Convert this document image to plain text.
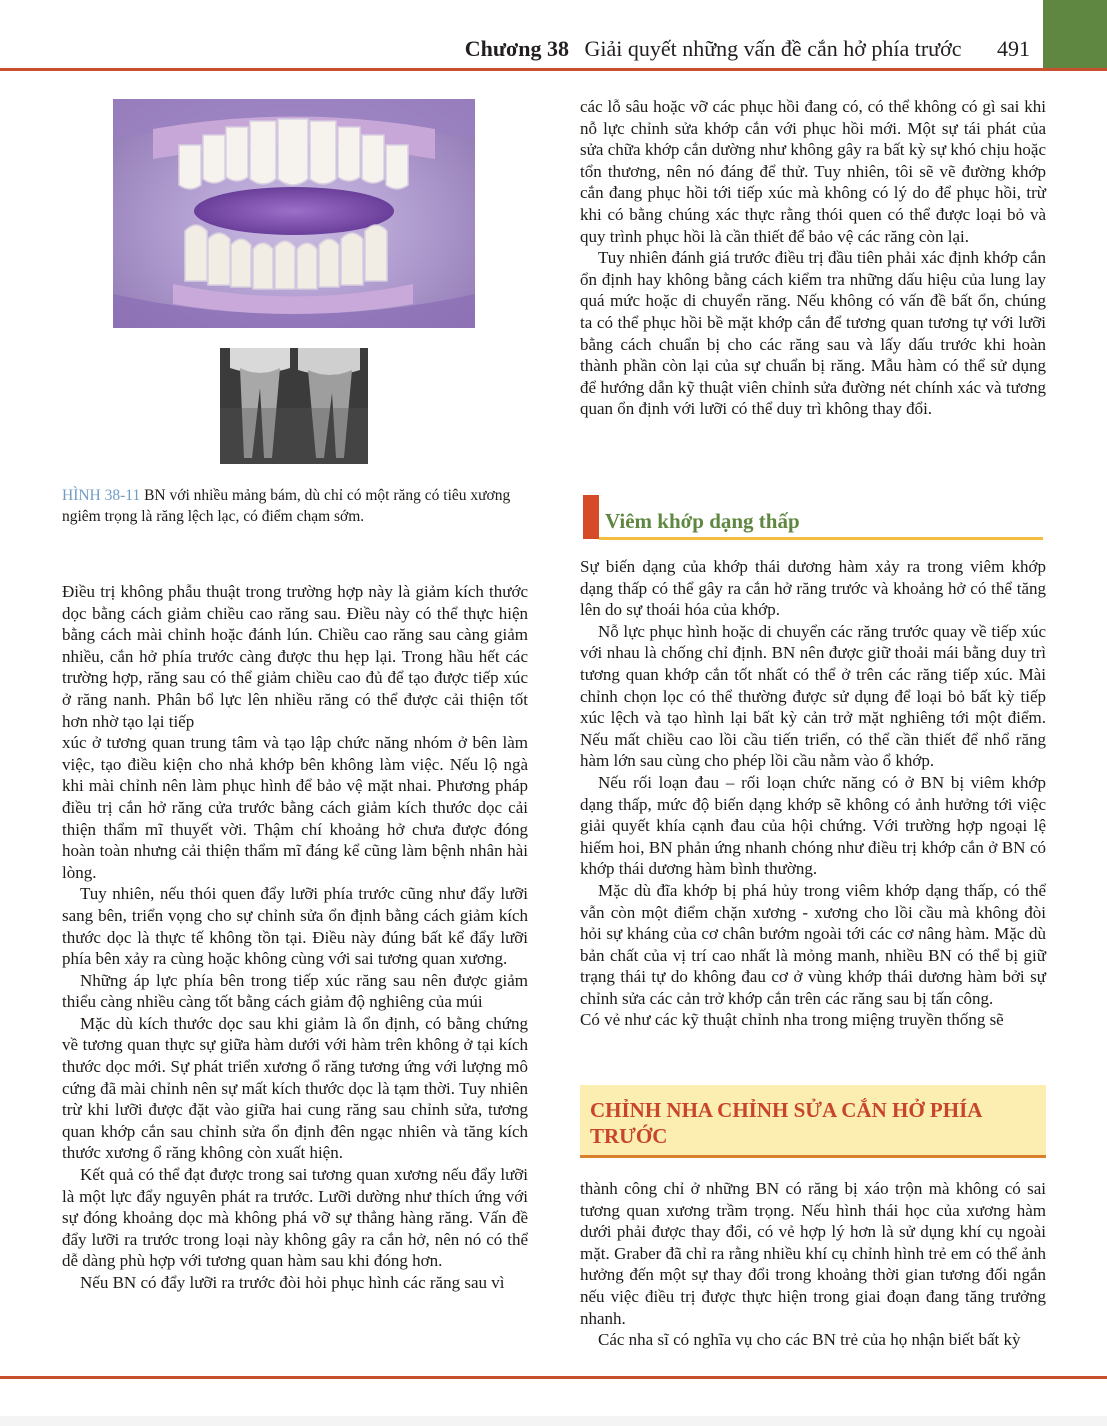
Chương 38 Giải quyết những vấn đề cắn hở phía trước 491
HÌNH 38-11 BN với nhiều mảng bám, dù chỉ có một răng có tiêu xương ngiêm trọng là răng lệch lạc, có điểm chạm sớm.

Điều trị không phẫu thuật trong trường hợp này là giảm kích thước dọc bằng cách giảm chiều cao răng sau. Điều này có thể thực hiện bằng cách mài chỉnh hoặc đánh lún. Chiều cao răng sau càng giảm nhiều, cắn hở phía trước càng được thu hẹp lại. Trong hầu hết các trường hợp, răng sau có thể giảm chiều cao đủ để tạo được tiếp xúc ở răng nanh. Phân bổ lực lên nhiều răng có thể được cải thiện tốt hơn nhờ tạo lại tiếp

xúc ở tương quan trung tâm và tạo lập chức năng nhóm ở bên làm việc, tạo điều kiện cho nhả khớp bên không làm việc. Nếu lộ ngà khi mài chỉnh nên làm phục hình để bảo vệ mặt nhai. Phương pháp điều trị cắn hở răng cửa trước bằng cách giảm kích thước dọc cải thiện thẩm mĩ thuyết vời. Thậm chí khoảng hở chưa được đóng hoàn toàn nhưng cải thiện thẩm mĩ đáng kể cũng làm bệnh nhân hài lòng.

Tuy nhiên, nếu thói quen đẩy lưỡi phía trước cũng như đẩy lưỡi sang bên, triển vọng cho sự chỉnh sửa ổn định bằng cách giảm kích thước dọc là thực tế không tồn tại. Điều này đúng bất kể đẩy lưỡi phía bên xảy ra cùng hoặc không cùng với sai tương quan xương.

Những áp lực phía bên trong tiếp xúc răng sau nên được giảm thiểu càng nhiều càng tốt bằng cách giảm độ nghiêng của múi

Mặc dù kích thước dọc sau khi giảm là ổn định, có bằng chứng về tương quan thực sự giữa hàm dưới với hàm trên không ở tại kích thước dọc mới. Sự phát triển xương ổ răng tương ứng với lượng mô cứng đã mài chỉnh nên sự mất kích thước dọc là tạm thời. Tuy nhiên trừ khi lưỡi được đặt vào giữa hai cung răng sau chỉnh sửa, tương quan khớp cắn sau chỉnh sửa ổn định đên ngạc nhiên và tăng kích thước xương ổ răng không còn xuất hiện.

Kết quả có thể đạt được trong sai tương quan xương nếu đẩy lưỡi là một lực đẩy nguyên phát ra trước. Lưỡi dường như thích ứng với sự đóng khoảng dọc mà không phá vỡ sự thẳng hàng răng. Vấn đề đẩy lưỡi ra trước trong loại này không gây ra cắn hở, nên nó có thể dễ dàng phù hợp với tương quan hàm sau khi đóng hơn.

Nếu BN có đẩy lưỡi ra trước đòi hỏi phục hình các răng sau vì

các lỗ sâu hoặc vỡ các phục hồi đang có, có thể không có gì sai khi nỗ lực chỉnh sửa khớp cắn với phục hồi mới. Một sự tái phát của sửa chữa khớp cắn dường như không gây ra bất kỳ sự khó chịu hoặc tổn thương, nên nó đáng để thử. Tuy nhiên, tôi sẽ vẽ đường khớp cắn đang phục hồi tới tiếp xúc mà không có lý do để phục hồi, trừ khi có bằng chúng xác thực rằng thói quen có thể được loại bỏ và quy trình phục hồi là cần thiết để bảo vệ các răng còn lại.

Tuy nhiên đánh giá trước điều trị đầu tiên phải xác định khớp cắn ổn định hay không bằng cách kiểm tra những dấu hiệu của lung lay quá mức hoặc di chuyển răng. Nếu không có vấn đề bất ổn, chúng ta có thể phục hồi bề mặt khớp cắn để tương quan tương tự với lưỡi bằng cách chuẩn bị cho các răng sau và lấy dấu trước khi hoàn thành phần còn lại của sự chuẩn bị răng. Mẫu hàm có thể sử dụng để hướng dẫn kỹ thuật viên chỉnh sửa đường nét chính xác và tương quan ổn định với lưỡi có thể duy trì không thay đổi.

Viêm khớp dạng thấp

Sự biến dạng của khớp thái dương hàm xảy ra trong viêm khớp dạng thấp có thể gây ra cắn hở răng trước và khoảng hở có thể tăng lên do sự thoái hóa của khớp.

Nỗ lực phục hình hoặc di chuyển các răng trước quay về tiếp xúc với nhau là chống chỉ định. BN nên được giữ thoải mái bằng duy trì tương quan khớp cắn tốt nhất có thể ở trên các răng tiếp xúc. Mài chỉnh chọn lọc có thể thường được sử dụng để loại bỏ bất kỳ tiếp xúc lệch và tạo hình lại bất kỳ cản trở mặt nghiêng tới một điểm. Nếu mất chiều cao lồi cầu tiến triển, có thể cần thiết để nhổ răng hàm lớn sau cùng cho phép lồi cầu nằm vào ổ khớp.

Nếu rối loạn đau – rối loạn chức năng có ở BN bị viêm khớp dạng thấp, mức độ biến dạng khớp sẽ không có ảnh hưởng tới việc giải quyết khía cạnh đau của hội chứng. Với trường hợp ngoại lệ hiếm hoi, BN phản ứng nhanh chóng như điều trị khớp cắn ở BN có khớp thái dương hàm bình thường.

Mặc dù đĩa khớp bị phá hủy trong viêm khớp dạng thấp, có thể vẫn còn một điểm chặn xương - xương cho lồi cầu mà không đòi hỏi sự kháng của cơ chân bướm ngoài tới các cơ nâng hàm. Mặc dù bản chất của vị trí cao nhất là mỏng manh, nhiều BN có thể bị giữ trạng thái tự do không đau cơ ở vùng khớp thái dương hàm bởi sự chỉnh sửa các cản trở khớp cắn trên các răng sau bị tấn công.

Có vẻ như các kỹ thuật chỉnh nha trong miệng truyền thống sẽ

CHỈNH NHA CHỈNH SỬA CẮN HỞ PHÍA TRƯỚC

thành công chỉ ở những BN có răng bị xáo trộn mà không có sai tương quan xương trầm trọng. Nếu hình thái học của xương hàm dưới phải được thay đổi, có vẻ hợp lý hơn là sử dụng khí cụ ngoài mặt. Graber đã chỉ ra rằng nhiều khí cụ chỉnh hình trẻ em có thể ảnh hưởng đến một sự thay đổi trong khoảng thời gian tương đối ngắn nếu việc điều trị được thực hiện trong giai đoạn đang tăng trưởng nhanh.

Các nha sĩ có nghĩa vụ cho các BN trẻ của họ nhận biết bất kỳ
